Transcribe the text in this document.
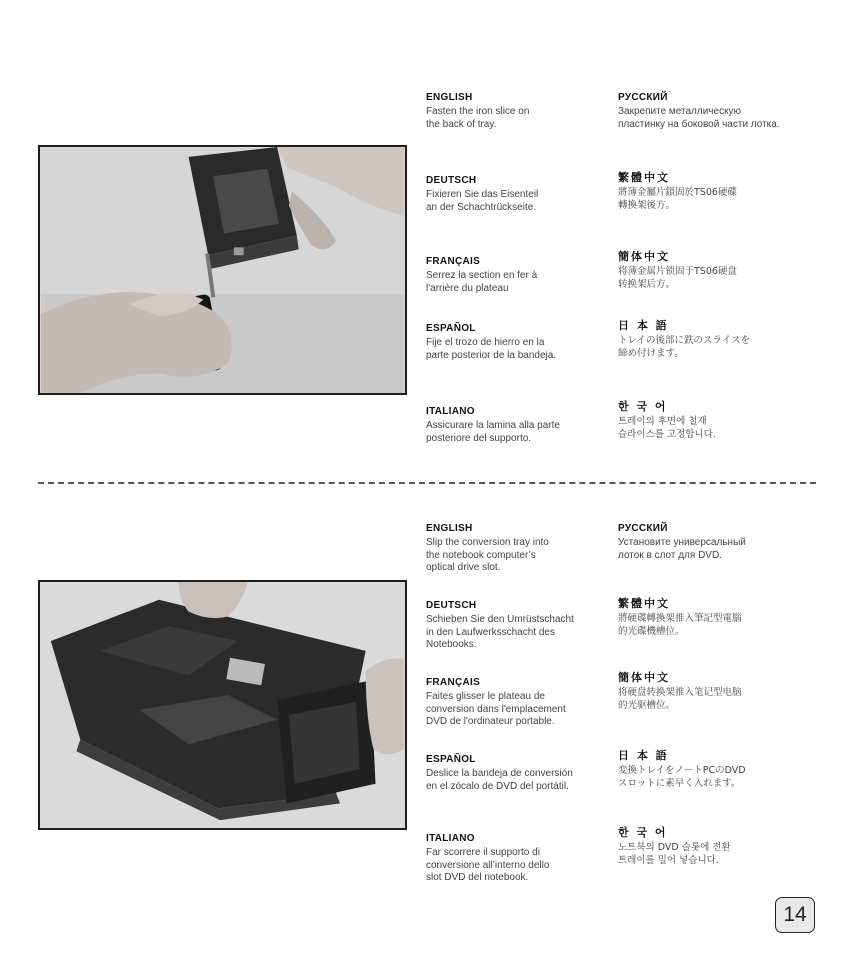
ENGLISH

Fasten the iron slice on
the back of tray.

DEUTSCH

Fixieren Sie das Eisenteil
an der Schachtrückseite.

FRANÇAIS

Serrez la section en fer à
l'arrière du plateau

ESPAÑOL

Fije el trozo de hierro en la
parte posterior de la bandeja.

ITALIANO

Assicurare la lamina alla parte
posteriore del supporto.

РУССКИЙ

Закрепите металлическую
пластинку на боковой части лотка.

繁體中文

將薄金屬片鎖固於TS06硬碟
轉換架後方。

簡体中文

将薄金属片锁固于TS06硬盘
转换架后方。

日 本 語

トレイの後部に鉄のスライスを
締め付けます。

한 국 어

트레이의 후면에 철재
슬라이스를 고정합니다.

ENGLISH

Slip the conversion tray into
the notebook computer’s
optical drive slot.

DEUTSCH

Schieben Sie den Umrüstschacht
in den Laufwerksschacht des
Notebooks.

FRANÇAIS

Faites glisser le plateau de
conversion dans l'emplacement
DVD de l'ordinateur portable.

ESPAÑOL

Deslice la bandeja de conversión
en el zócalo de DVD del portátil.

ITALIANO

Far scorrere il supporto di
conversione all’interno dello
slot DVD del notebook.

РУССКИЙ

Установите универсальный
лоток в слот для DVD.

繁體中文

將硬碟轉換架推入筆記型電腦
的光碟機槽位。

簡体中文

将硬盘转换架推入笔记型电脑
的光驱槽位。

日 本 語

変換トレイをノートPCのDVD
スロットに素早く入れます。

한 국 어

노트북의 DVD 슬롯에 전환
트레이를 밀어 넣습니다.

14
